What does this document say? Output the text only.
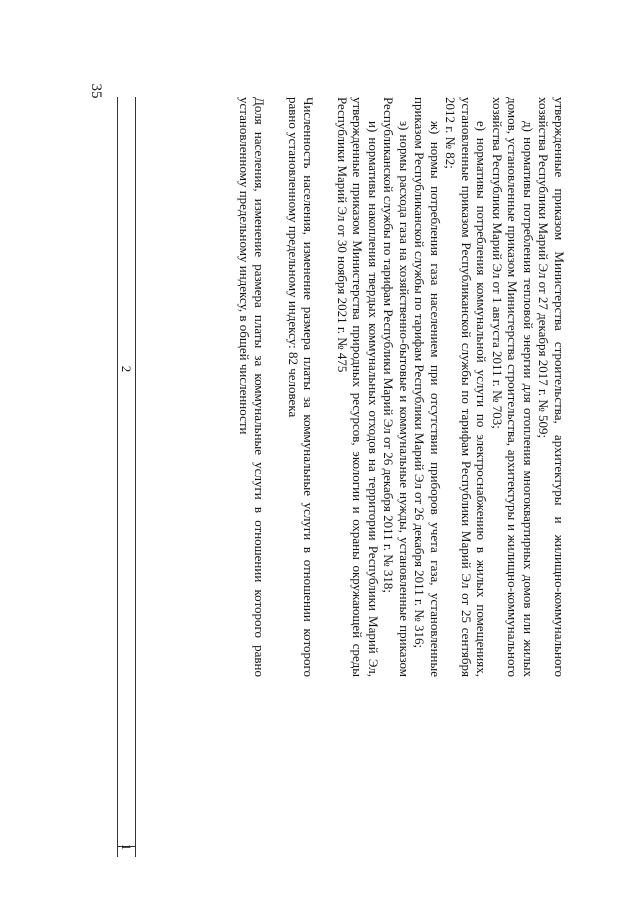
35
2
1

утвержденные приказом Министерства строительства, архитектуры и жилищно-коммунального хозяйства Республики Марий Эл от 27 декабря 2017 г. № 509;

д) нормативы потребления тепловой энергии для отопления многоквартирных домов или жилых домов, установленные приказом Министерства строительства, архитектуры и жилищно-коммунального хозяйства Республики Марий Эл от 1 августа 2011 г. № 703;

е) нормативы потребления коммунальной услуги по электроснабжению в жилых помещениях, установленные приказом Республиканской службы по тарифам Республики Марий Эл от 25 сентября 2012 г. № 82;

ж) нормы потребления газа населением при отсутствии приборов учета газа, установленные приказом Республиканской службы по тарифам Республики Марий Эл от 26 декабря 2011 г. № 316;

з) нормы расхода газа на хозяйственно-бытовые и коммунальные нужды, установленные приказом Республиканской службы по тарифам Республики Марий Эл от 26 декабря 2011 г. № 318;

и) нормативы накопления твердых коммунальных отходов на территории Республики Марий Эл, утвержденные приказом Министерства природных ресурсов, экологии и охраны окружающей среды Республики Марий Эл от 30 ноября 2021 г. № 475

Численность населения, изменение размера платы за коммунальные услуги в отношении которого равно установленному предельному индексу: 82 человека

Доля населения, изменение размера платы за коммунальные услуги в отношении которого равно установленному предельному индексу, в общей численности
